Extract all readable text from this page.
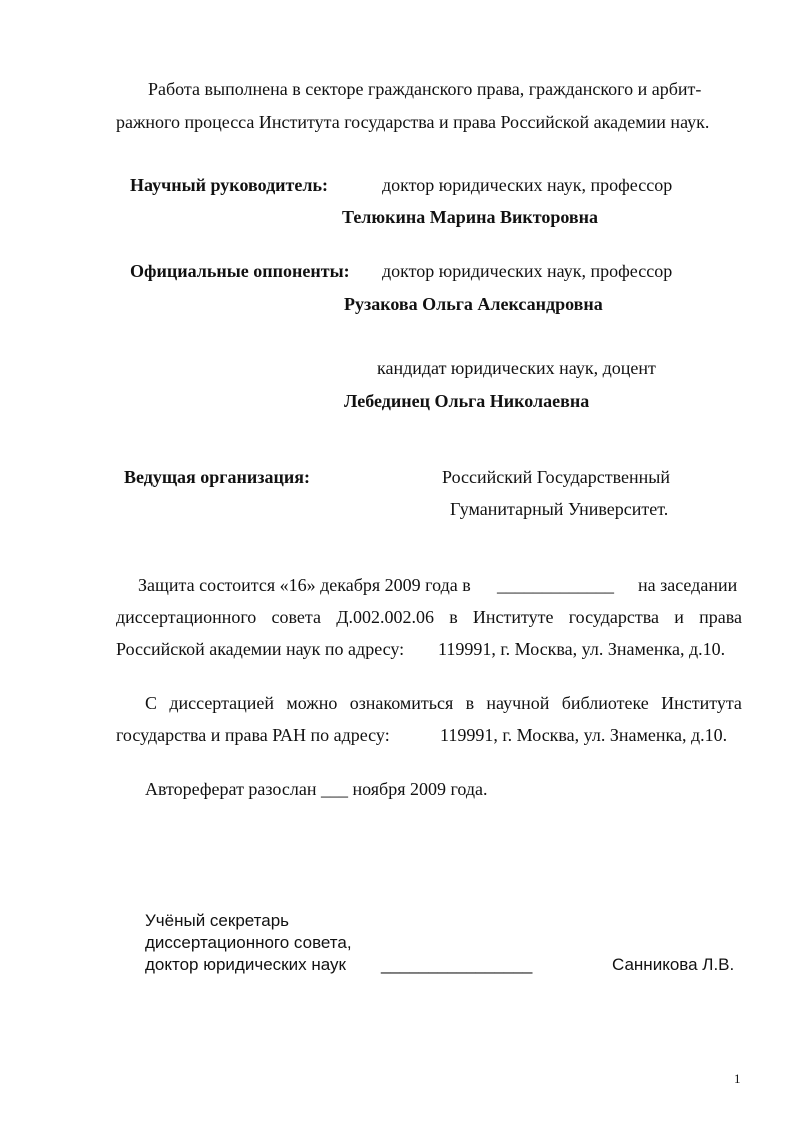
Работа выполнена в секторе гражданского права, гражданского и арбит-
ражного процесса Института государства и права Российской академии наук.
Научный руководитель:	доктор юридических наук, профессор
Телюкина Марина Викторовна
Официальные оппоненты: доктор юридических наук, профессор
Рузакова Ольга Александровна
кандидат юридических наук, доцент
Лебединец Ольга Николаевна
Ведущая организация:	Российский Государственный
Гуманитарный Университет.
Защита состоится «16» декабря 2009 года в _____________ на заседании
диссертационного совета Д.002.002.06 в Институте государства и права
Российской академии наук по адресу: 119991, г. Москва, ул. Знаменка, д.10.
С диссертацией можно ознакомиться в научной библиотеке Института
государства и права РАН по адресу:	119991, г. Москва, ул. Знаменка, д.10.
Автореферат разослан ___ ноября 2009 года.
Учёный секретарь
диссертационного совета,
доктор юридических наук ________________	Санникова Л.В.
1
